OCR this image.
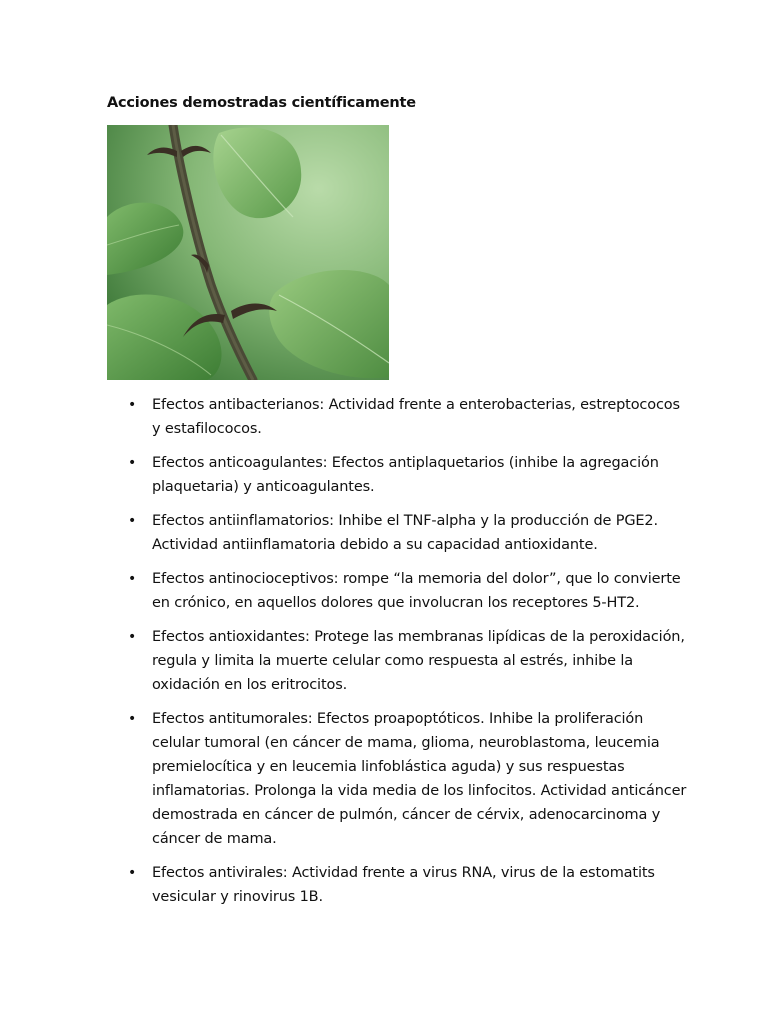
Acciones demostradas científicamente
• Efectos antibacterianos: Actividad frente a enterobacterias, estreptococos y estafilococos.
• Efectos anticoagulantes: Efectos antiplaquetarios (inhibe la agregación plaquetaria) y anticoagulantes.
• Efectos antiinflamatorios: Inhibe el TNF-alpha y la producción de PGE2. Actividad antiinflamatoria debido a su capacidad antioxidante.
• Efectos antinocioceptivos: rompe “la memoria del dolor”, que lo convierte en crónico, en aquellos dolores que involucran los receptores 5-HT2.
• Efectos antioxidantes: Protege las membranas lipídicas de la peroxidación, regula y limita la muerte celular como respuesta al estrés, inhibe la oxidación en los eritrocitos.
• Efectos antitumorales: Efectos proapoptóticos. Inhibe la proliferación celular tumoral (en cáncer de mama, glioma, neuroblastoma, leucemia premielocítica y en leucemia linfoblástica aguda) y sus respuestas inflamatorias. Prolonga la vida media de los linfocitos. Actividad anticáncer demostrada en cáncer de pulmón, cáncer de cérvix, adenocarcinoma y cáncer de mama.
• Efectos antivirales: Actividad frente a virus RNA, virus de la estomatits vesicular y rinovirus 1B.
